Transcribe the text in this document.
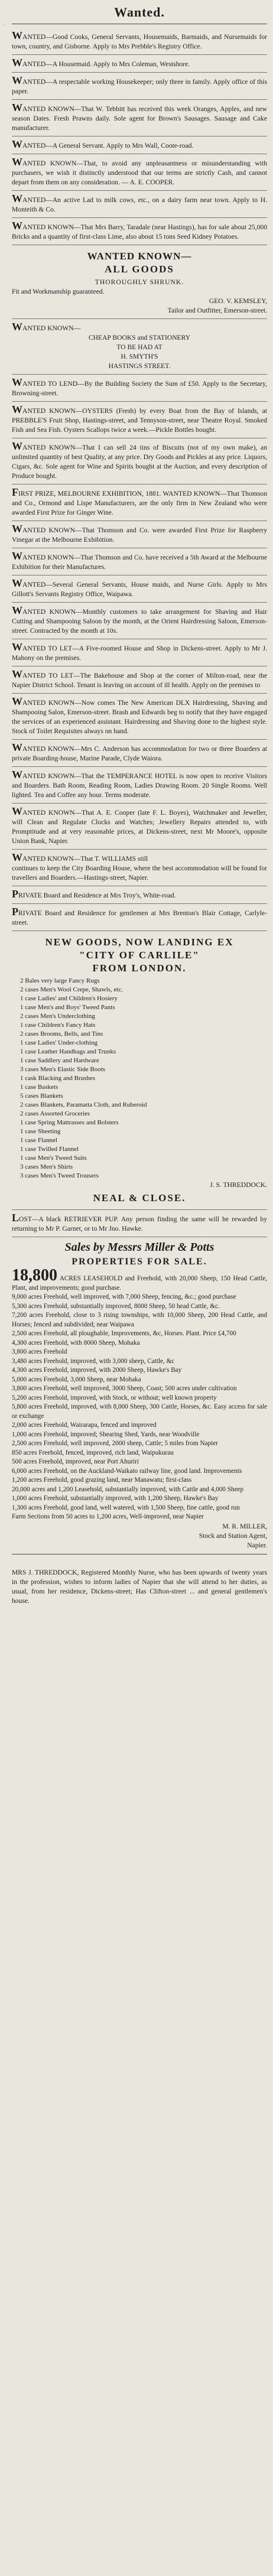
·
Wanted.

WANTED—Good Cooks, General Servants, Housemaids, Barmaids, and Nursemaids for town, country, and Gisborne. Apply to Mrs Prebble's Registry Office.

WANTED—A Housemaid. Apply to Mrs Coleman, Westshore.

WANTED—A respectable working Housekeeper; only three in family. Apply office of this paper.

WANTED KNOWN—That W. Tebbitt has received this week Oranges, Apples, and new season Dates. Fresh Prawns daily. Sole agent for Brown's Sausages. Sausage and Cake manufacturer.

WANTED—A General Servant. Apply to Mrs Wall, Coote-road.

WANTED KNOWN—That, to avoid any unpleasantness or misunderstanding with purchasers, we wish it distinctly understood that our terms are strictly Cash, and cannot depart from them on any consideration. — A. E. COOPER.

WANTED—An active Lad to milk cows, etc., on a dairy farm near town. Apply to H. Monteith & Co.

WANTED KNOWN—That Mrs Barry, Taradale (near Hastings), has for sale about 25,000 Bricks and a quantity of first-class Lime, also about 15 tons Seed Kidney Potatoes.

WANTED KNOWN—
ALL GOODS
THOROUGHLY SHRUNK.

Fit and Workmanship guaranteed.

GEO. V. KEMSLEY,
Tailor and Outfitter, Emerson-street.

WANTED KNOWN—

CHEAP BOOKS and STATIONERY
TO BE HAD AT
H. SMYTH'S
HASTINGS STREET.

WANTED TO LEND—By the Building Society the Sum of £50. Apply to the Secretary, Browning-street.

WANTED KNOWN—OYSTERS (Fresh) by every Boat from the Bay of Islands, at PREBBLE'S Fruit Shop, Hastings-street, and Tennyson-street, near Theatre Royal. Smoked Fish and Sea Fish. Oysters Scallops twice a week.—Pickle Bottles bought.

WANTED KNOWN—That I can sell 24 tins of Biscuits (not of my own make), an unlimited quantity of best Quality, at any price. Dry Goods and Pickles at any price. Liquors, Cigars, &c. Sole agent for Wine and Spirits bought at the Auction, and every description of Produce bought.

FIRST PRIZE, MELBOURNE EXHIBITION, 1881. WANTED KNOWN—That Thomson and Co., Ormond and Lispe Manufacturers, are the only firm in New Zealand who were awarded First Prize for Ginger Wine.

WANTED KNOWN—That Thomson and Co. were awarded First Prize for Raspberry Vinegar at the Melbourne Exhibition.

WANTED KNOWN—That Thomson and Co. have received a 5th Award at the Melbourne Exhibition for their Manufactures.

WANTED—Several General Servants, House maids, and Nurse Girls. Apply to Mrs Gillott's Servants Registry Office, Waipawa.

WANTED KNOWN—Monthly customers to take arrangement for Shaving and Hair Cutting and Shampooing Saloon by the month, at the Orient Hairdressing Saloon, Emerson-street. Contracted by the month at 10s.

WANTED TO LET—A Five-roomed House and Shop in Dickens-street. Apply to Mr J. Mahony on the premises.

WANTED TO LET—The Bakehouse and Shop at the corner of Milton-road, near the Napier District School. Tenant is leaving on account of ill health. Apply on the premises to

WANTED KNOWN—Now comes The New American DLX Hairdressing, Shaving and Shampooing Salon, Emerson-street. Brash and Edwards beg to notify that they have engaged the services of an experienced assistant. Hairdressing and Shaving done to the highest style. Stock of Toilet Requisites always on hand.

WANTED KNOWN—Mrs C. Anderson has accommodation for two or three Boarders at private Boarding-house, Marine Parade, Clyde Waiora.

WANTED KNOWN—That the TEMPERANCE HOTEL is now open to receive Visitors and Boarders. Bath Room, Reading Room, Ladies Drawing Room. 20 Single Rooms. Well lighted. Tea and Coffee any hour. Terms moderate.

WANTED KNOWN—That A. E. Cooper (late F. L. Boyes), Watchmaker and Jeweller, will Clean and Regulate Clocks and Watches; Jewellery Repairs attended to, with Promptitude and at very reasonable prices, at Dickens-street, next Mr Moore's, opposite Union Bank, Napier.

WANTED KNOWN—That T. WILLIAMS still

continues to keep the City Boarding House, where the best accommodation will be found for travellers and Boarders.—Hastings-street, Napier.

PRIVATE Board and Residence at Mrs Troy's, White-road.

PRIVATE Board and Residence for gentlemen at Mrs Brenton's Blair Cottage, Carlyle-street.

NEW GOODS, NOW LANDING EX
"CITY OF CARLILE"
FROM LONDON.
2 Bales very large Fancy Rugs
2 cases Men's Wool Crepe, Shawls, etc.
1 case Ladies' and Children's Hosiery
1 case Men's and Boys' Tweed Pants
2 cases Men's Underclothing
1 case Children's Fancy Hats
2 cases Brooms, Bells, and Tins
1 case Ladies' Under-clothing
1 case Leather Handbags and Trunks
1 case Saddlery and Hardware
3 cases Men's Elastic Side Boots
1 cask Blacking and Brushes
1 case Baskets
5 cases Blankets
2 cases Blankets, Paramatta Cloth, and Ruberoid
2 cases Assorted Groceries
1 case Spring Mattrasses and Bolsters
1 case Sheeting
1 case Flannel
1 case Twilled Flannel
1 case Men's Tweed Suits
3 cases Men's Shirts
3 cases Men's Tweed Trousers
J. S. THREDDOCK.
NEAL & CLOSE.

LOST—A black RETRIEVER PUP. Any person finding the same will be rewarded by returning to Mr P. Garnet, or to Mr Jno. Hawke.

Sales by Messrs Miller & Potts
PROPERTIES FOR SALE.
18,800 ACRES LEASEHOLD and Freehold, with 20,000 Sheep, 150 Head Cattle, Plant, and improvements; good purchase.
9,000 acres Freehold, well improved, with 7,000 Sheep, fencing, &c.; good purchase
5,300 acres Freehold, substantially improved, 8000 Sheep, 50 head Cattle, &c.
7,200 acres Freehold, close to 3 rising townships, with 10,000 Sheep, 200 Head Cattle, and Horses; fenced and subdivided; near Waipawa
2,500 acres Freehold, all ploughable, Improvements, &c, Horses. Plant. Price £4,700
4,300 acres Freehold, with 8000 Sheep, Mohaka
3,800 acres Freehold
3,480 acres Freehold, improved, with 3,000 sheep, Cattle, &c
4,300 acres Freehold, improved, with 2000 Sheep, Hawke's Bay
5,000 acres Freehold, 3,000 Sheep, near Mohaka
3,800 acres Freehold, well improved, 3000 Sheep, Coast; 500 acres under cultivation
5,200 acres Freehold, improved, with Stock, or without; well known property
5,800 acres Freehold, improved, with 8,000 Sheep, 300 Cattle, Horses, &c. Easy access for sale or exchange
2,000 acres Freehold, Wairarapa, fenced and improved
1,000 acres Freehold, improved; Shearing Shed, Yards, near Woodville
2,500 acres Freehold, well improved, 2000 sheep, Cattle; 5 miles from Napier
850 acres Freehold, fenced, improved, rich land, Waipukurau
500 acres Freehold, improved, near Port Ahuriri
6,000 acres Freehold, on the Auckland-Waikato railway line, good land. Improvements
1,200 acres Freehold, good grazing land, near Manawatu; first-class
20,000 acres and 1,200 Leasehold, substantially improved, with Cattle and 4,000 Sheep
1,000 acres Freehold, substantially improved, with 1,200 Sheep, Hawke's Bay
1,300 acres Freehold, good land, well watered, with 1,500 Sheep, fine cattle, good run
Farm Sections from 50 acres to 1,200 acres, Well-improved, near Napier
M. R. MILLER,
Stock and Station Agent,
Napier.

MRS J. THREDDOCK, Registered Monthly Nurse, who has been upwards of twenty years in the profession, wishes to inform ladies of Napier that she will attend to her duties, as usual, from her residence, Dickens-street; Has Clifton-street ... and general gentlemen's house.
